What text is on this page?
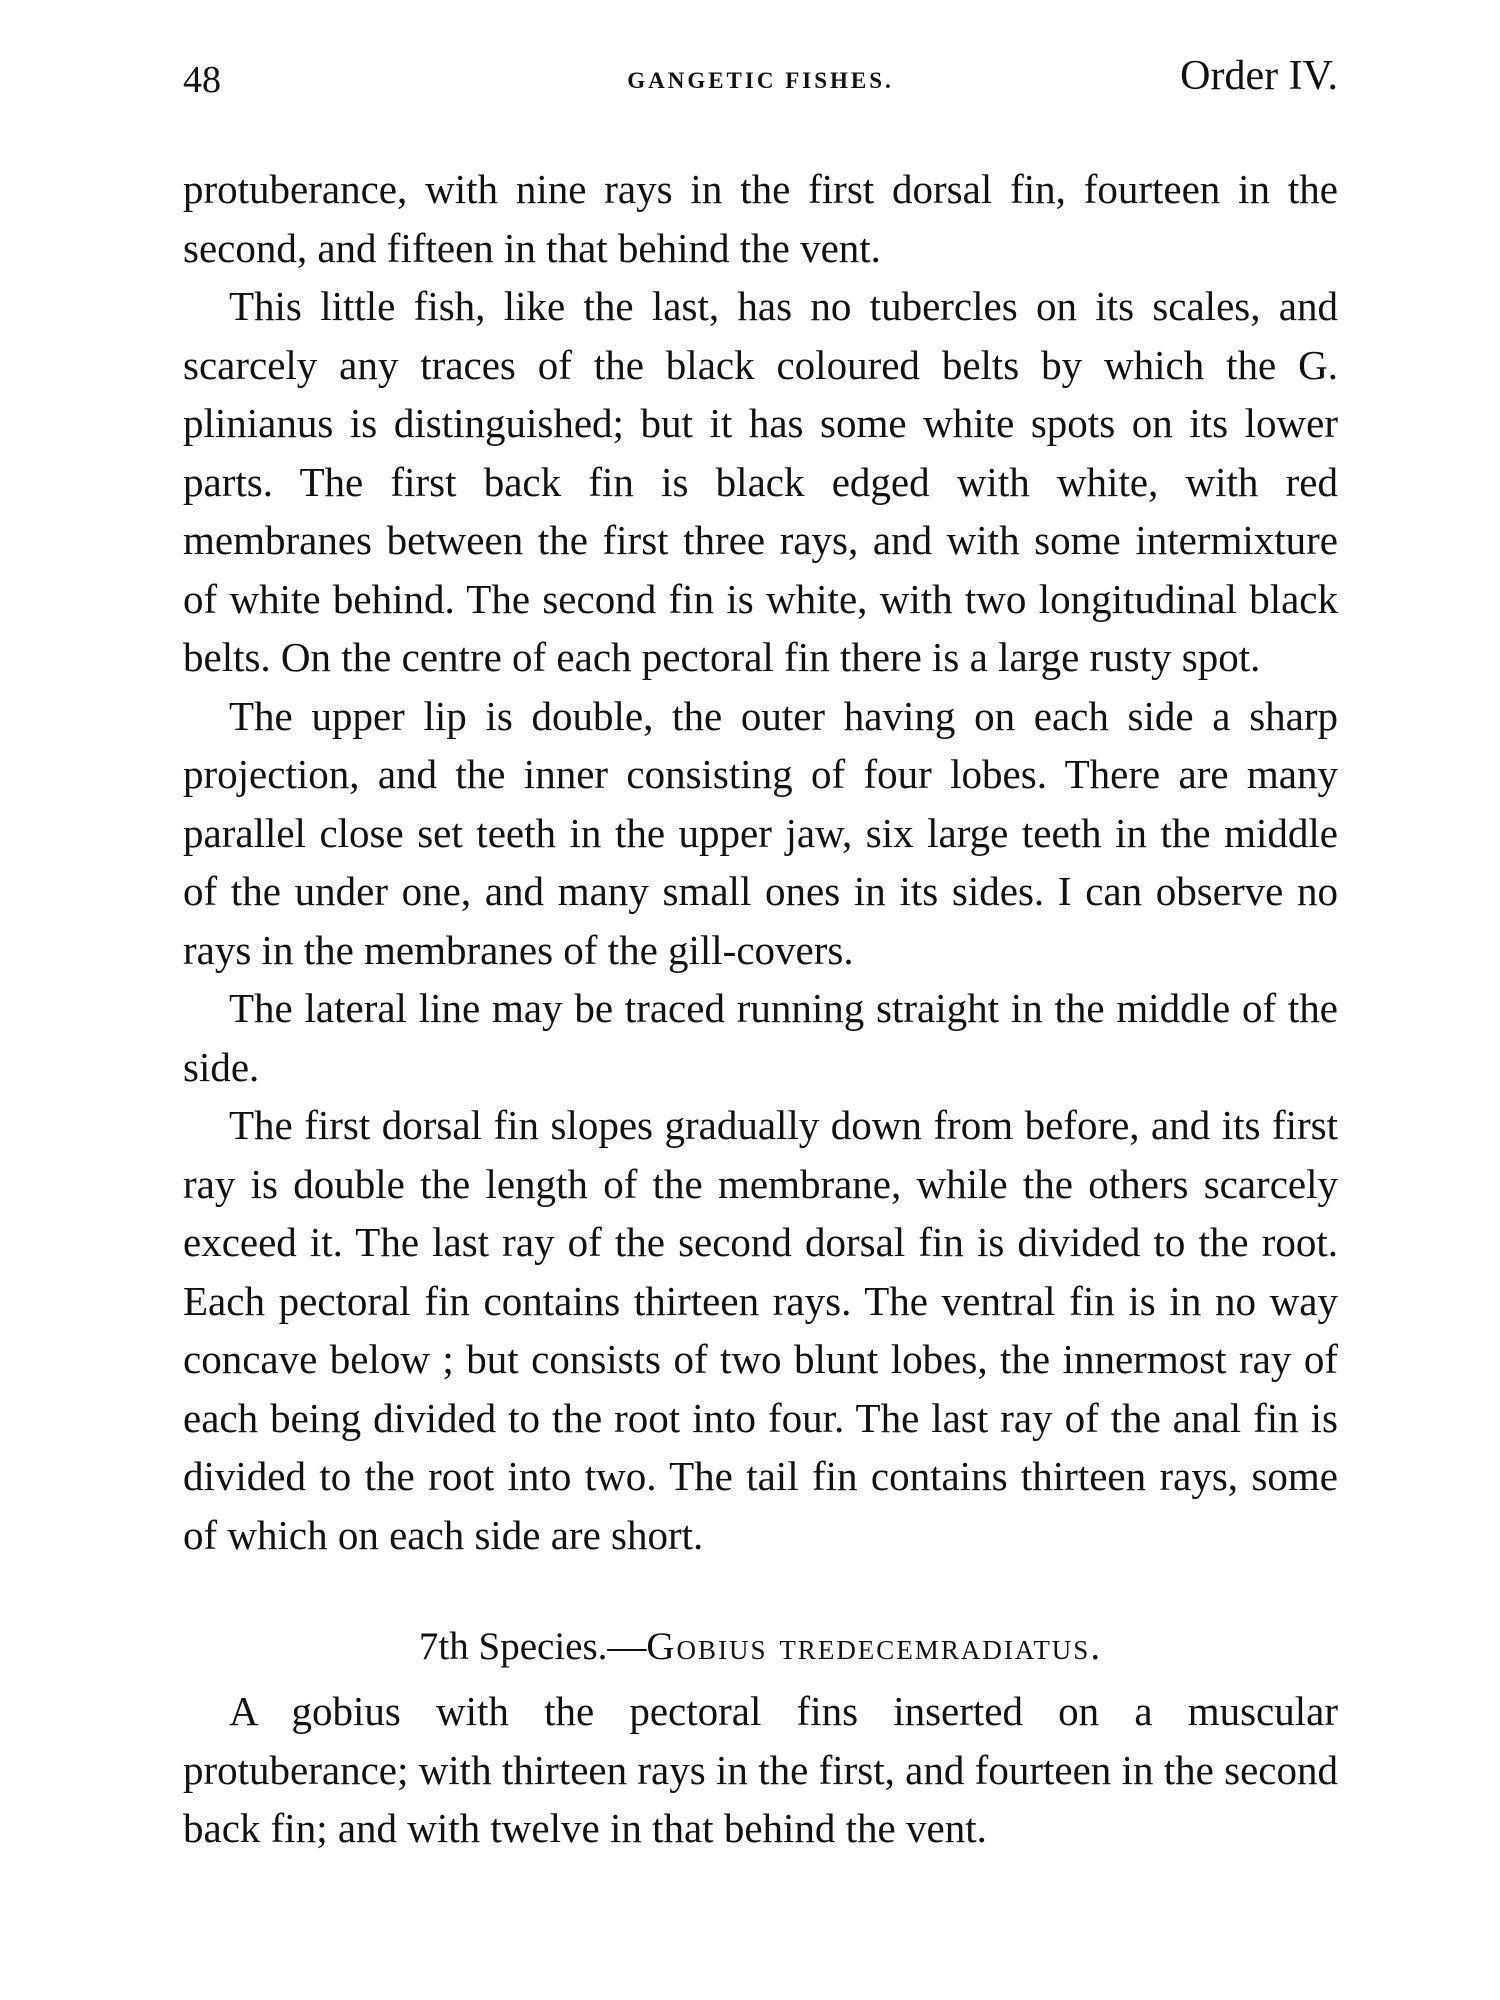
48	GANGETIC FISHES.	Order IV.

protuberance, with nine rays in the first dorsal fin, fourteen in the second, and fifteen in that behind the vent.

This little fish, like the last, has no tubercles on its scales, and scarcely any traces of the black coloured belts by which the G. plinianus is distinguished; but it has some white spots on its lower parts. The first back fin is black edged with white, with red membranes between the first three rays, and with some intermixture of white behind. The second fin is white, with two longitudinal black belts. On the centre of each pectoral fin there is a large rusty spot.

The upper lip is double, the outer having on each side a sharp projection, and the inner consisting of four lobes. There are many parallel close set teeth in the upper jaw, six large teeth in the middle of the under one, and many small ones in its sides. I can observe no rays in the membranes of the gill-covers.

The lateral line may be traced running straight in the middle of the side.

The first dorsal fin slopes gradually down from before, and its first ray is double the length of the membrane, while the others scarcely exceed it. The last ray of the second dorsal fin is divided to the root. Each pectoral fin contains thirteen rays. The ventral fin is in no way concave below ; but consists of two blunt lobes, the innermost ray of each being divided to the root into four. The last ray of the anal fin is divided to the root into two. The tail fin contains thirteen rays, some of which on each side are short.

7th Species.—Gobius tredecemradiatus.

A gobius with the pectoral fins inserted on a muscular protuberance; with thirteen rays in the first, and fourteen in the second back fin; and with twelve in that behind the vent.
